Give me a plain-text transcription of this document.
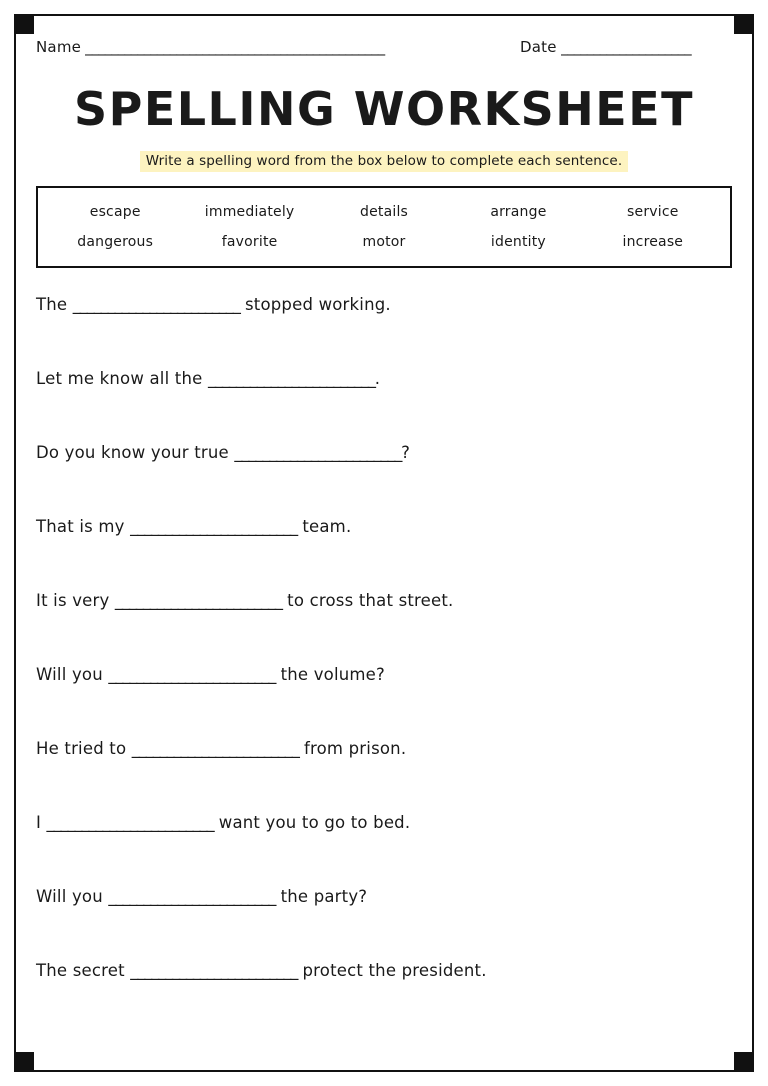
Name ______________________________________________	Date ____________________
SPELLING WORKSHEET
Write a spelling word from the box below to complete each sentence.
escape	immediately	details	arrange	service
dangerous	favorite	motor	identity	increase
The ________________________ stopped working.
Let me know all the ________________________.
Do you know your true ________________________?
That is my ________________________ team.
It is very ________________________ to cross that street.
Will you ________________________ the volume?
He tried to ________________________ from prison.
I ________________________ want you to go to bed.
Will you ________________________ the party?
The secret ________________________ protect the president.
